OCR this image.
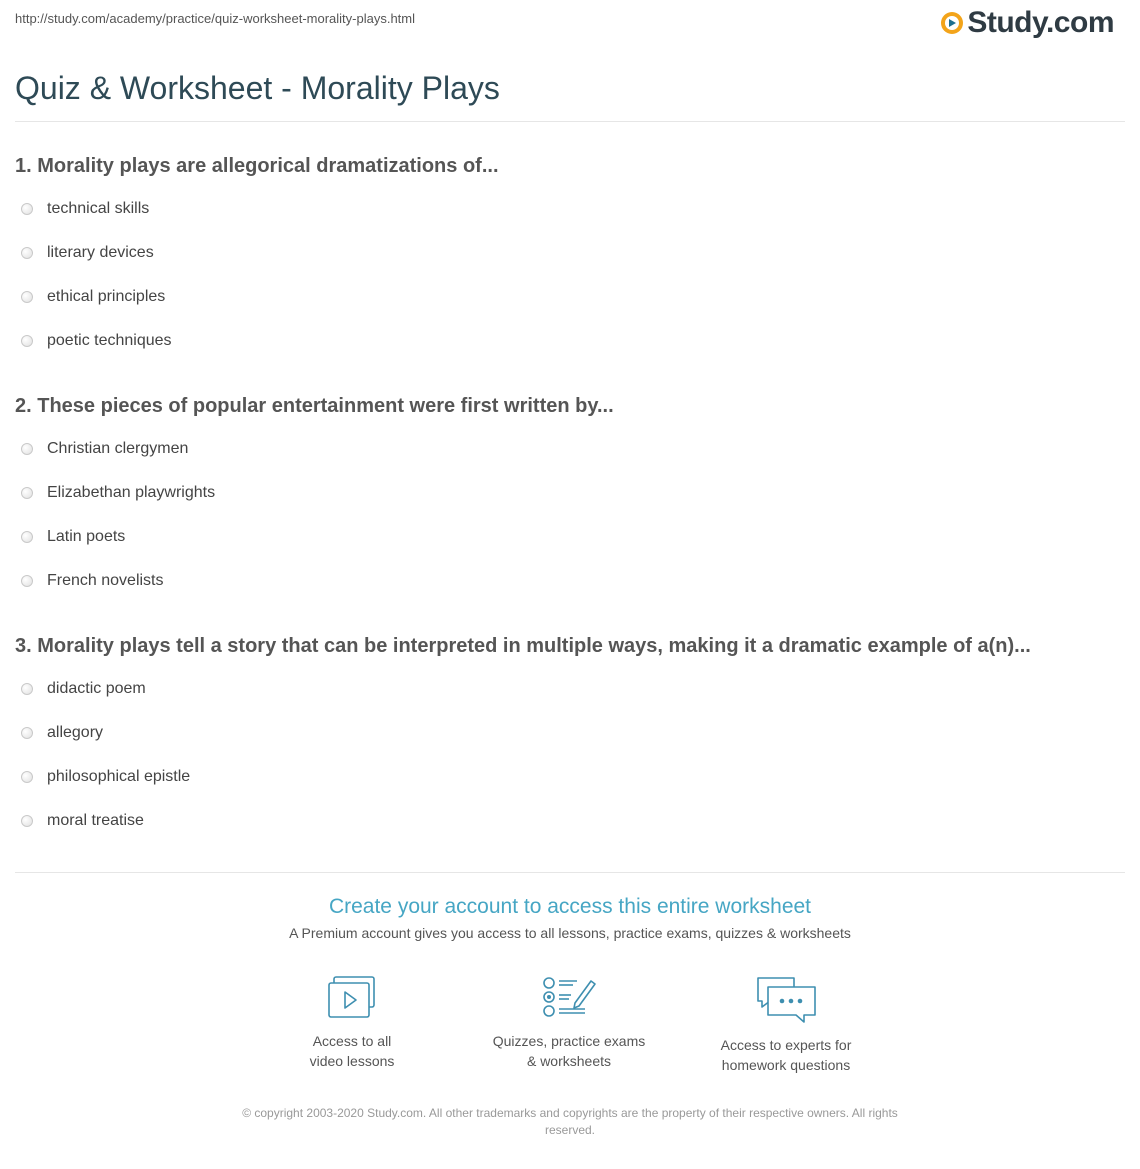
http://study.com/academy/practice/quiz-worksheet-morality-plays.html	Study.com
Quiz & Worksheet - Morality Plays
1. Morality plays are allegorical dramatizations of...
technical skills
literary devices
ethical principles
poetic techniques
2. These pieces of popular entertainment were first written by...
Christian clergymen
Elizabethan playwrights
Latin poets
French novelists
3. Morality plays tell a story that can be interpreted in multiple ways, making it a dramatic example of a(n)...
didactic poem
allegory
philosophical epistle
moral treatise
Create your account to access this entire worksheet
A Premium account gives you access to all lessons, practice exams, quizzes & worksheets
Access to all
video lessons
Quizzes, practice exams
& worksheets
Access to experts for
homework questions
© copyright 2003-2020 Study.com. All other trademarks and copyrights are the property of their respective owners. All rights
reserved.
